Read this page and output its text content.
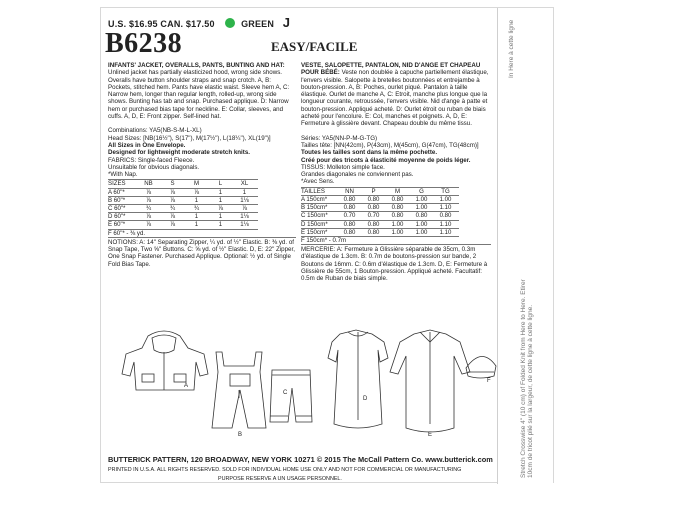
U.S. $16.95 CAN. $17.50	GREEN J
B6238	EASY/FACILE
INFANTS' JACKET, OVERALLS, PANTS, BUNTING AND HAT: Unlined jacket has partially elasticized hood, wrong side shows. Overalls have button shoulder straps and snap crotch. A, B: Pockets, stitched hem. Pants have elastic waist. Sleeve hem A, C: Narrow hem, longer than regular length, rolled-up, wrong side shows. Bunting has tab and snap. Purchased applique. D: Narrow hem or purchased bias tape for neckline. E: Collar, sleeves, and cuffs. A, D, E: Front zipper. Self-lined hat.
Combinations: YA5(NB-S-M-L-XL)
Head Sizes: [NB(16½"), S(17"), M(17½"), L(18¼"), XL(19")]
All Sizes in One Envelope.
Designed for lightweight moderate stretch knits.
FABRICS: Single-faced Fleece.
Unsuitable for obvious diagonals.
*With Nap.
SIZES	NB	S	M	L	XL
A 60"*	⅞	⅞	⅞	1	1
B 60"*	⅞	⅞	1	1	1⅛
C 60"*	¾	¾	¾	⅞	⅞
D 60"*	⅞	⅞	1	1	1⅛
E 60"*	⅞	⅞	1	1	1⅛
F 60"* - ⅜ yd.					
NOTIONS: A: 14" Separating Zipper, ¼ yd. of ½" Elastic. B: ⅜ yd. of Snap Tape, Two ⅝" Buttons. C: ⅝ yd. of ½" Elastic. D, E: 22" Zipper, One Snap Fastener. Purchased Applique. Optional: ½ yd. of Single Fold Bias Tape.
VESTE, SALOPETTE, PANTALON, NID D'ANGE ET CHAPEAU POUR BÉBÉ: Veste non doublée à capuche partiellement élastique, l'envers visible. Salopette à bretelles boutonnées et entrejambe à bouton-pression. A, B: Poches, ourlet piqué. Pantalon à taille élastique. Ourlet de manche A, C: Etroit, manche plus longue que la longueur courante, retroussée, l'envers visible. Nid d'ange à patte et bouton-pression. Appliqué acheté. D: Ourlet étroit ou ruban de biais acheté pour l'encolure. E: Col, manches et poignets. A, D, E: Fermeture à glissière devant. Chapeau double du même tissu.
Séries: YA5(NN-P-M-G-TG)
Tailles tête: [NN(42cm), P(43cm), M(45cm), G(47cm), TG(48cm)]
Toutes les tailles sont dans la même pochette.
Créé pour des tricots à élasticité moyenne de poids léger.
TISSUS: Molleton simple face.
Grandes diagonales ne conviennent pas.
*Avec Sens.
TAILLES	NN	P	M	G	TG
A 150cm*	0.80	0.80	0.80	1.00	1.00
B 150cm*	0.80	0.80	0.80	1.00	1.10
C 150cm*	0.70	0.70	0.80	0.80	0.80
D 150cm*	0.80	0.80	1.00	1.00	1.10
E 150cm*	0.80	0.80	1.00	1.00	1.10
F 150cm* - 0.7m					
MERCERIE: A: Fermeture à Glissière séparable de 35cm, 0.3m d'élastique de 1.3cm. B: 0.7m de boutons-pression sur bande, 2 Boutons de 16mm. C: 0.6m d'élastique de 1.3cm. D, E: Fermeture à Glissière de 55cm, 1 Bouton-pression. Appliqué acheté. Facultatif: 0.5m de Ruban de biais simple.
A
B
C
D
E
F
BUTTERICK PATTERN, 120 BROADWAY, NEW YORK 10271 © 2015 The McCall Pattern Co. www.butterick.com
PRINTED IN U.S.A. ALL RIGHTS RESERVED. SOLD FOR INDIVIDUAL HOME USE ONLY AND NOT FOR COMMERCIAL OR MANUFACTURING
PURPOSE RESERVE A UN USAGE PERSONNEL.
In Here à cette ligne
Stretch Crosswise 4" (10 cm) of Folded Knit from Here to Here. Etirer 10cm de tricot plié sur la largeur, de cette ligne à cette ligne.
